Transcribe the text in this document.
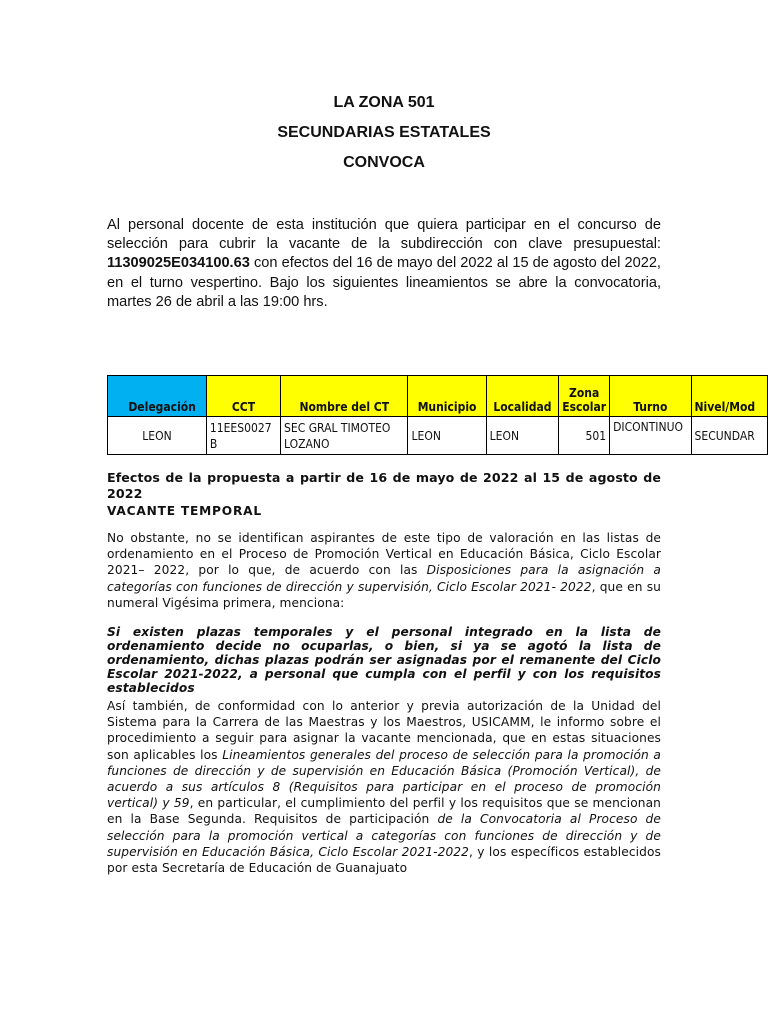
LA ZONA 501
SECUNDARIAS ESTATALES
CONVOCA
Al personal docente de esta institución que quiera participar en el concurso de selección para cubrir la vacante de la subdirección con clave presupuestal: 11309025E034100.63 con efectos del 16 de mayo del 2022 al 15 de agosto del 2022, en el turno vespertino. Bajo los siguientes lineamientos se abre la convocatoria, martes 26 de abril a las 19:00 hrs.
Delegación	CCT	Nombre del CT	Municipio	Localidad	Zona Escolar	Turno	Nivel/Mod
LEON	11EES0027B	SEC GRAL TIMOTEO LOZANO	LEON	LEON	501	DICONTINUO	SECUNDAR
Efectos de la propuesta a partir de 16 de mayo de 2022 al 15 de agosto de 2022
VACANTE TEMPORAL
No obstante, no se identifican aspirantes de este tipo de valoración en las listas de ordenamiento en el Proceso de Promoción Vertical en Educación Básica, Ciclo Escolar 2021– 2022, por lo que, de acuerdo con las Disposiciones para la asignación a categorías con funciones de dirección y supervisión, Ciclo Escolar 2021- 2022, que en su numeral Vigésima primera, menciona:
Si existen plazas temporales y el personal integrado en la lista de ordenamiento decide no ocuparlas, o bien, si ya se agotó la lista de ordenamiento, dichas plazas podrán ser asignadas por el remanente del Ciclo Escolar 2021-2022, a personal que cumpla con el perfil y con los requisitos establecidos
Así también, de conformidad con lo anterior y previa autorización de la Unidad del Sistema para la Carrera de las Maestras y los Maestros, USICAMM, le informo sobre el procedimiento a seguir para asignar la vacante mencionada, que en estas situaciones son aplicables los Lineamientos generales del proceso de selección para la promoción a funciones de dirección y de supervisión en Educación Básica (Promoción Vertical), de acuerdo a sus artículos 8 (Requisitos para participar en el proceso de promoción vertical) y 59, en particular, el cumplimiento del perfil y los requisitos que se mencionan en la Base Segunda. Requisitos de participación de la Convocatoria al Proceso de selección para la promoción vertical a categorías con funciones de dirección y de supervisión en Educación Básica, Ciclo Escolar 2021-2022, y los específicos establecidos por esta Secretaría de Educación de Guanajuato
